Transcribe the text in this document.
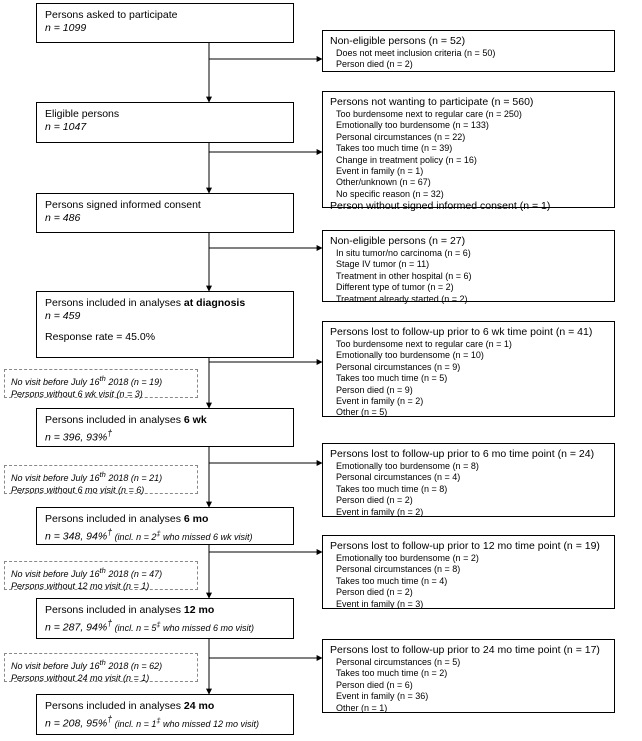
Persons asked to participate
n = 1099
Eligible persons
n = 1047
Persons signed informed consent
n = 486
Persons included in analyses at diagnosis
n = 459
Response rate = 45.0%
Persons included in analyses 6 wk
n = 396, 93%†
Persons included in analyses 6 mo
n = 348, 94%† (incl. n = 2‡ who missed 6 wk visit)
Persons included in analyses 12 mo
n = 287, 94%† (incl. n = 5‡ who missed 6 mo visit)
Persons included in analyses 24 mo
n = 208, 95%† (incl. n = 1‡ who missed 12 mo visit)
No visit before July 16th 2018 (n = 19)
Persons without 6 wk visit (n = 3)
No visit before July 16th 2018 (n = 21)
Persons without 6 mo visit (n = 6)
No visit before July 16th 2018 (n = 47)
Persons without 12 mo visit (n = 1)
No visit before July 16th 2018 (n = 62)
Persons without 24 mo visit (n = 1)
Non-eligible persons (n = 52)
Does not meet inclusion criteria (n = 50)
Person died (n = 2)
Persons not wanting to participate (n = 560)
Too burdensome next to regular care (n = 250)
Emotionally too burdensome (n = 133)
Personal circumstances (n = 22)
Takes too much time (n = 39)
Change in treatment policy (n = 16)
Event in family (n = 1)
Other/unknown (n = 67)
No specific reason (n = 32)
Person without signed informed consent (n = 1)
Non-eligible persons (n = 27)
In situ tumor/no carcinoma (n = 6)
Stage IV tumor (n = 11)
Treatment in other hospital (n = 6)
Different type of tumor (n = 2)
Treatment already started (n = 2)
Persons lost to follow-up prior to 6 wk time point (n = 41)
Too burdensome next to regular care (n = 1)
Emotionally too burdensome (n = 10)
Personal circumstances (n = 9)
Takes too much time (n = 5)
Person died (n = 9)
Event in family (n = 2)
Other (n = 5)
Persons lost to follow-up prior to 6 mo time point (n = 24)
Emotionally too burdensome (n = 8)
Personal circumstances (n = 4)
Takes too much time (n = 8)
Person died (n = 2)
Event in family (n = 2)
Persons lost to follow-up prior to 12 mo time point (n = 19)
Emotionally too burdensome (n = 2)
Personal circumstances (n = 8)
Takes too much time (n = 4)
Person died (n = 2)
Event in family (n = 3)
Persons lost to follow-up prior to 24 mo time point (n = 17)
Personal circumstances (n = 5)
Takes too much time (n = 2)
Person died (n = 6)
Event in family (n = 36)
Other (n = 1)
